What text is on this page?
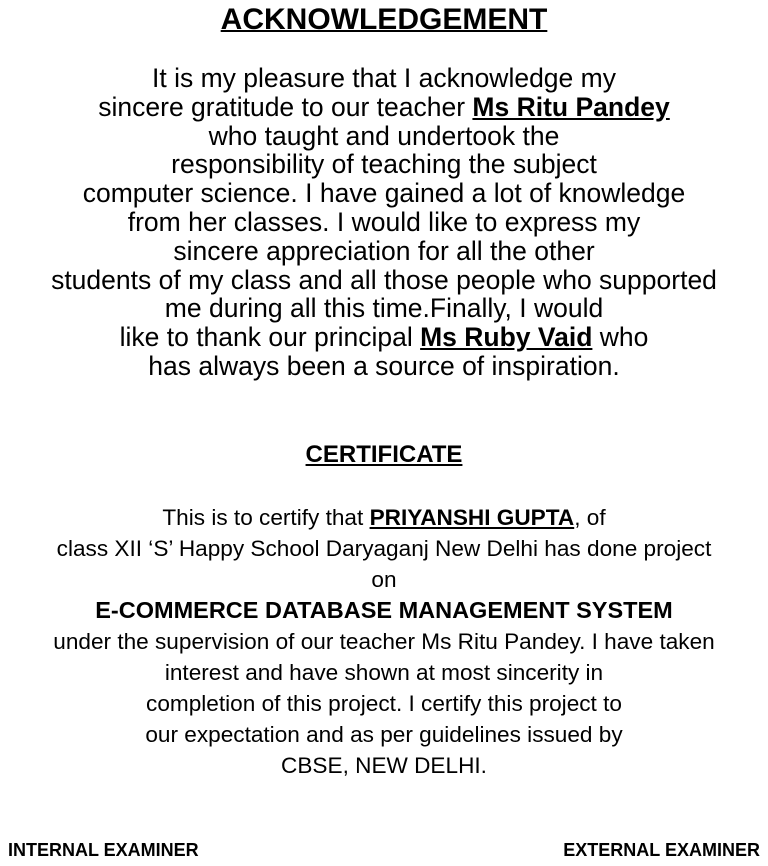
ACKNOWLEDGEMENT
It is my pleasure that I acknowledge my
sincere gratitude to our teacher Ms Ritu Pandey
who taught and undertook the
responsibility of teaching the subject
computer science. I have gained a lot of knowledge
from her classes. I would like to express my
sincere appreciation for all the other
students of my class and all those people who supported
me during all this time.Finally, I would
like to thank our principal Ms Ruby Vaid who
has always been a source of inspiration.
CERTIFICATE
This is to certify that PRIYANSHI GUPTA, of
class XII ‘S’ Happy School Daryaganj New Delhi has done project
on
E-COMMERCE DATABASE MANAGEMENT SYSTEM
under the supervision of our teacher Ms Ritu Pandey. I have taken
interest and have shown at most sincerity in
completion of this project. I certify this project to
our expectation and as per guidelines issued by
CBSE, NEW DELHI.
INTERNAL EXAMINER	EXTERNAL EXAMINER
